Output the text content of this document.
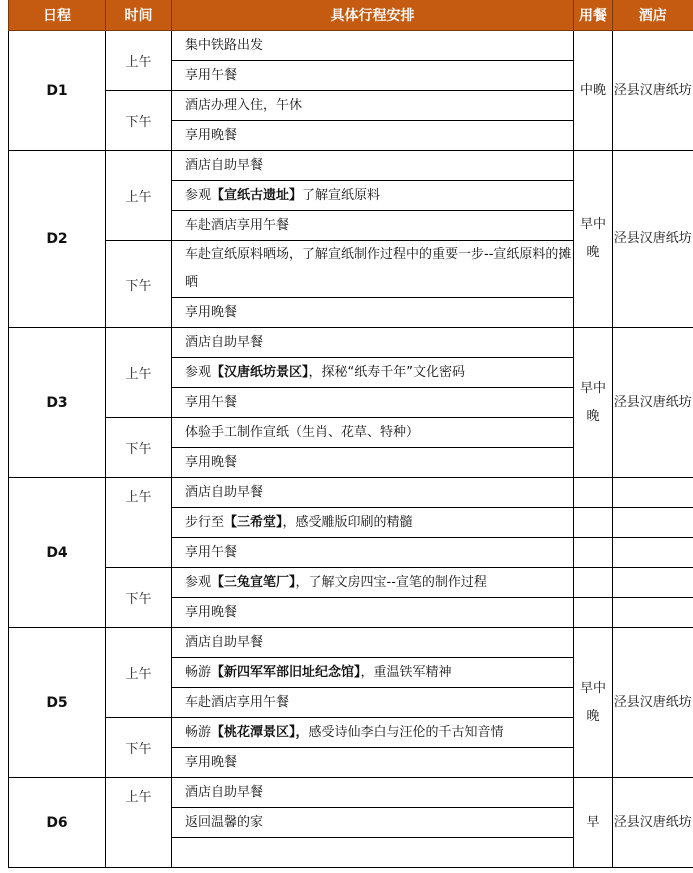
日程	时间	具体行程安排	用餐	酒店
D1	上午	集中铁路出发	中晚	泾县汉唐纸坊
		享用午餐		
	下午	酒店办理入住，午休		
		享用晚餐		
D2	上午	酒店自助早餐	早中晚	泾县汉唐纸坊
		参观【宣纸古遗址】了解宣纸原料		
		车赴酒店享用午餐		
	下午	车赴宣纸原料晒场，了解宣纸制作过程中的重要一步--宣纸原料的摊晒		
		享用晚餐		
D3	上午	酒店自助早餐	早中晚	泾县汉唐纸坊
		参观【汉唐纸坊景区】，探秘“纸寿千年”文化密码		
		享用午餐		
	下午	体验手工制作宣纸（生肖、花草、特种）		
		享用晚餐		
D4	上午	酒店自助早餐		
		步行至【三希堂】，感受雕版印刷的精髓		
		享用午餐		
	下午	参观【三兔宣笔厂】，了解文房四宝--宣笔的制作过程		
		享用晚餐		
D5	上午	酒店自助早餐	早中晚	泾县汉唐纸坊
		畅游【新四军军部旧址纪念馆】，重温铁军精神		
		车赴酒店享用午餐		
	下午	畅游【桃花潭景区】，感受诗仙李白与汪伦的千古知音情		
		享用晚餐		
D6	上午	酒店自助早餐	早	泾县汉唐纸坊
		返回温馨的家		
